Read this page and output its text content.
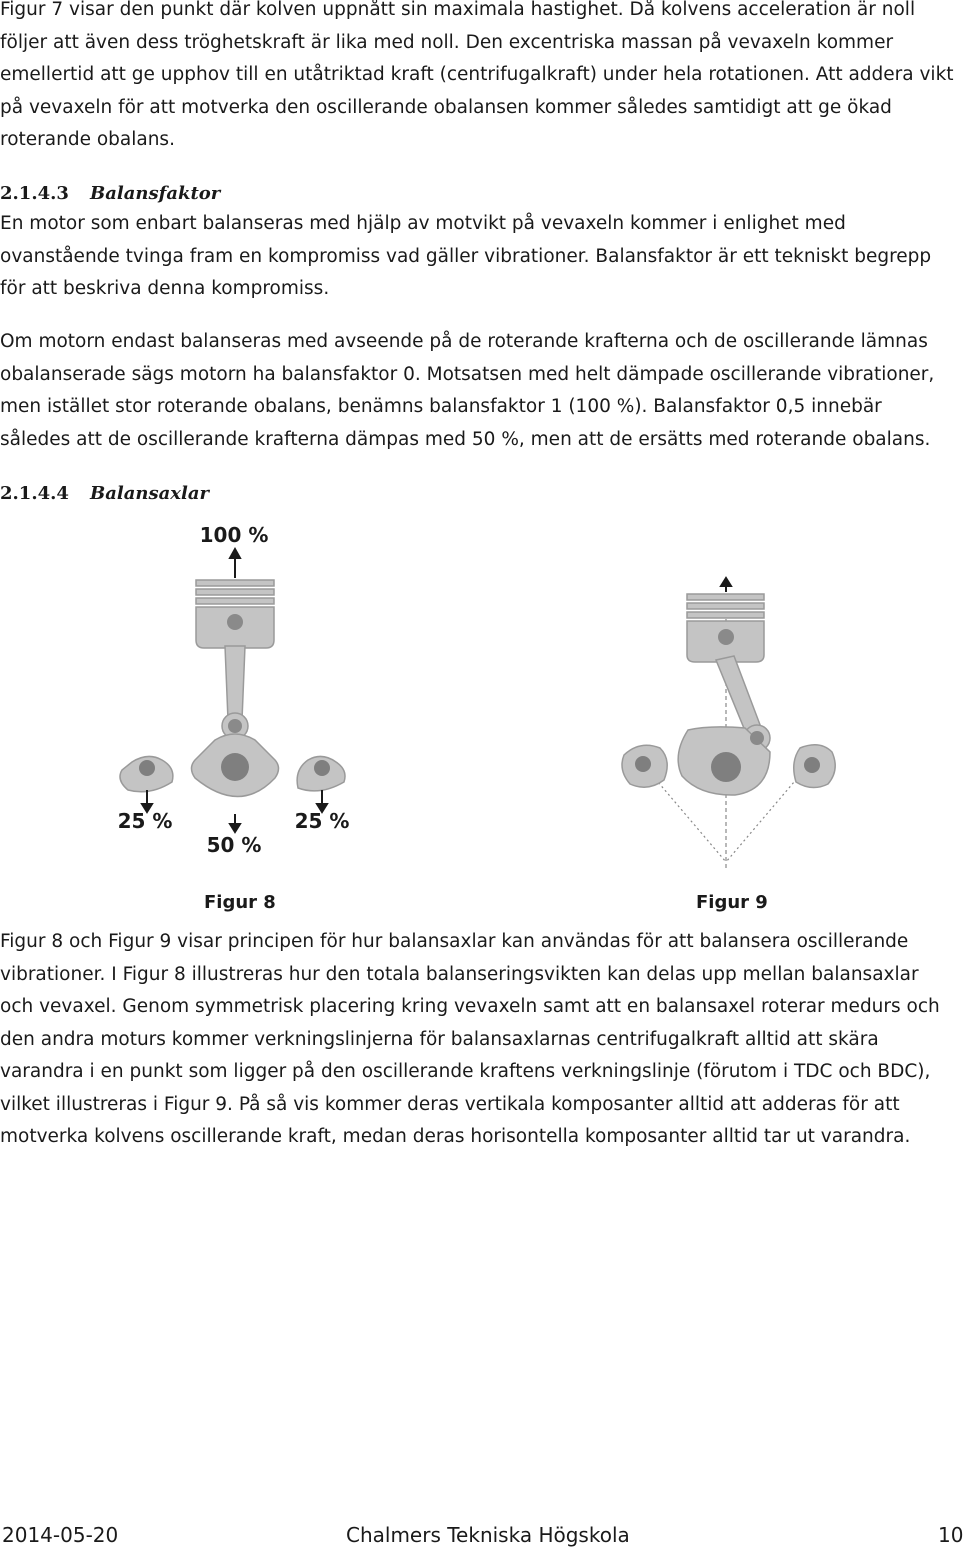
Figur 7 visar den punkt där kolven uppnått sin maximala hastighet. Då kolvens acceleration är noll följer att även dess tröghetskraft är lika med noll. Den excentriska massan på vevaxeln kommer emellertid att ge upphov till en utåtriktad kraft (centrifugalkraft) under hela rotationen. Att addera vikt på vevaxeln för att motverka den oscillerande obalansen kommer således samtidigt att ge ökad roterande obalans.

2.1.4.3 Balansfaktor

En motor som enbart balanseras med hjälp av motvikt på vevaxeln kommer i enlighet med ovanstående tvinga fram en kompromiss vad gäller vibrationer. Balansfaktor är ett tekniskt begrepp för att beskriva denna kompromiss.

Om motorn endast balanseras med avseende på de roterande krafterna och de oscillerande lämnas obalanserade sägs motorn ha balansfaktor 0. Motsatsen med helt dämpade oscillerande vibrationer, men istället stor roterande obalans, benämns balansfaktor 1 (100 %). Balansfaktor 0,5 innebär således att de oscillerande krafterna dämpas med 50 %, men att de ersätts med roterande obalans.

2.1.4.4 Balansaxlar
100 %
25 %
50 %
25 %
Figur 8	Figur 9

Figur 8 och Figur 9 visar principen för hur balansaxlar kan användas för att balansera oscillerande vibrationer. I Figur 8 illustreras hur den totala balanseringsvikten kan delas upp mellan balansaxlar och vevaxel. Genom symmetrisk placering kring vevaxeln samt att en balansaxel roterar medurs och den andra moturs kommer verkningslinjerna för balansaxlarnas centrifugalkraft alltid att skära varandra i en punkt som ligger på den oscillerande kraftens verkningslinje (förutom i TDC och BDC), vilket illustreras i Figur 9. På så vis kommer deras vertikala komposanter alltid att adderas för att motverka kolvens oscillerande kraft, medan deras horisontella komposanter alltid tar ut varandra.

2014-05-20	Chalmers Tekniska Högskola	10
